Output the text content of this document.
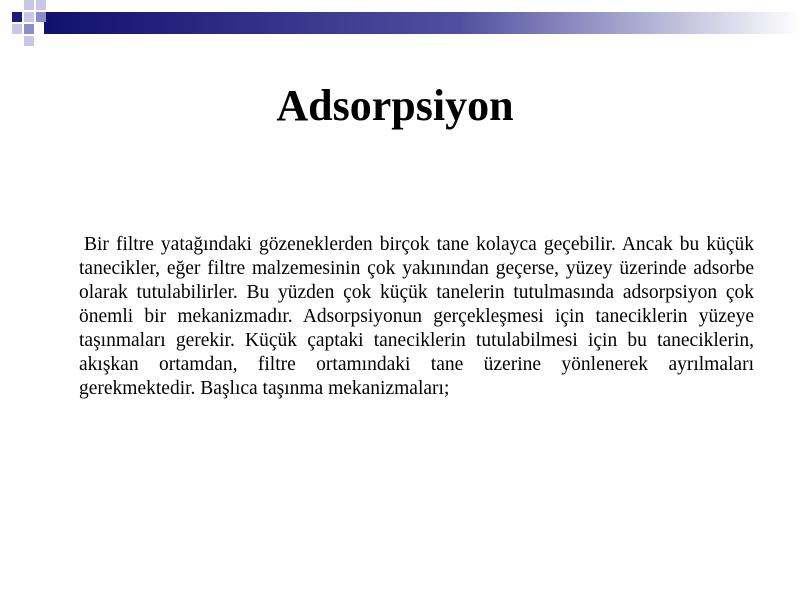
Adsorpsiyon

Bir filtre yatağındaki gözeneklerden birçok tane kolayca geçebilir. Ancak bu küçük tanecikler, eğer filtre malzemesinin çok yakınından geçerse, yüzey üzerinde adsorbe olarak tutulabilirler. Bu yüzden çok küçük tanelerin tutulmasında adsorpsiyon çok önemli bir mekanizmadır. Adsorpsiyonun gerçekleşmesi için taneciklerin yüzeye taşınmaları gerekir. Küçük çaptaki taneciklerin tutulabilmesi için bu taneciklerin, akışkan ortamdan, filtre ortamındaki tane üzerine yönlenerek ayrılmaları gerekmektedir. Başlıca taşınma mekanizmaları;
